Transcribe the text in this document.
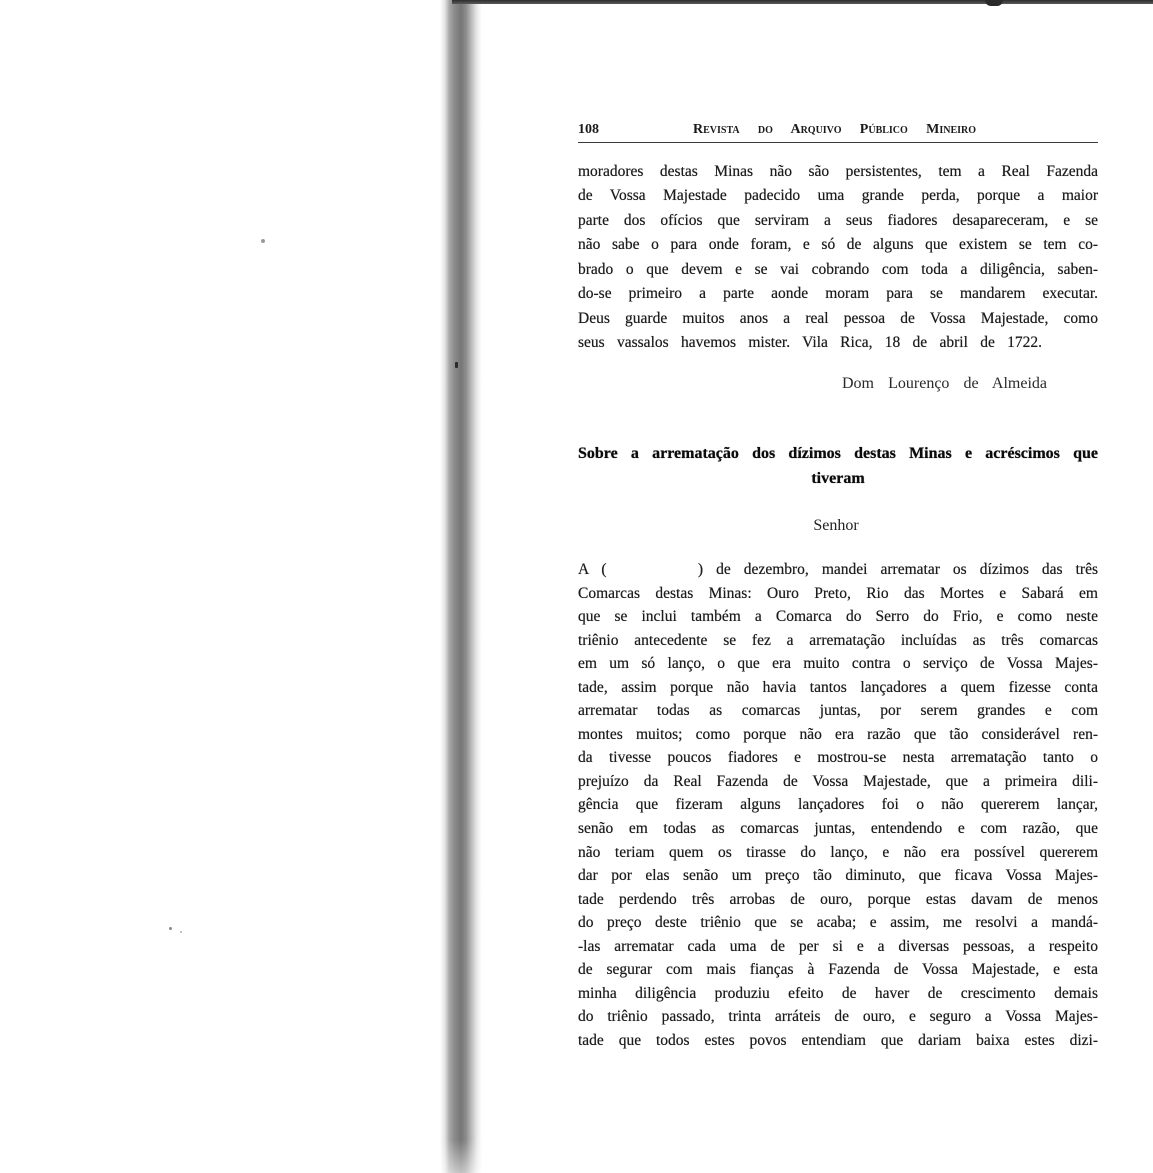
108	Revista do Arquivo Público Mineiro
moradores destas Minas não são persistentes, tem a Real Fazenda
de Vossa Majestade padecido uma grande perda, porque a maior
parte dos ofícios que serviram a seus fiadores desapareceram, e se
não sabe o para onde foram, e só de alguns que existem se tem co-
brado o que devem e se vai cobrando com toda a diligência, saben-
do-se primeiro a parte aonde moram para se mandarem executar.
Deus guarde muitos anos a real pessoa de Vossa Majestade, como
seus vassalos havemos mister. Vila Rica, 18 de abril de 1722.
Dom Lourenço de Almeida
Sobre a arrematação dos dízimos destas Minas e acréscimos que
tiveram
Senhor
A (       ) de dezembro, mandei arrematar os dízimos das três
Comarcas destas Minas: Ouro Preto, Rio das Mortes e Sabará em
que se inclui também a Comarca do Serro do Frio, e como neste
triênio antecedente se fez a arrematação incluídas as três comarcas
em um só lanço, o que era muito contra o serviço de Vossa Majes-
tade, assim porque não havia tantos lançadores a quem fizesse conta
arrematar todas as comarcas juntas, por serem grandes e com
montes muitos; como porque não era razão que tão considerável ren-
da tivesse poucos fiadores e mostrou-se nesta arrematação tanto o
prejuízo da Real Fazenda de Vossa Majestade, que a primeira dili-
gência que fizeram alguns lançadores foi o não quererem lançar,
senão em todas as comarcas juntas, entendendo e com razão, que
não teriam quem os tirasse do lanço, e não era possível quererem
dar por elas senão um preço tão diminuto, que ficava Vossa Majes-
tade perdendo três arrobas de ouro, porque estas davam de menos
do preço deste triênio que se acaba; e assim, me resolvi a mandá-
-las arrematar cada uma de per si e a diversas pessoas, a respeito
de segurar com mais fianças à Fazenda de Vossa Majestade, e esta
minha diligência produziu efeito de haver de crescimento demais
do triênio passado, trinta arráteis de ouro, e seguro a Vossa Majes-
tade que todos estes povos entendiam que dariam baixa estes dizi-
